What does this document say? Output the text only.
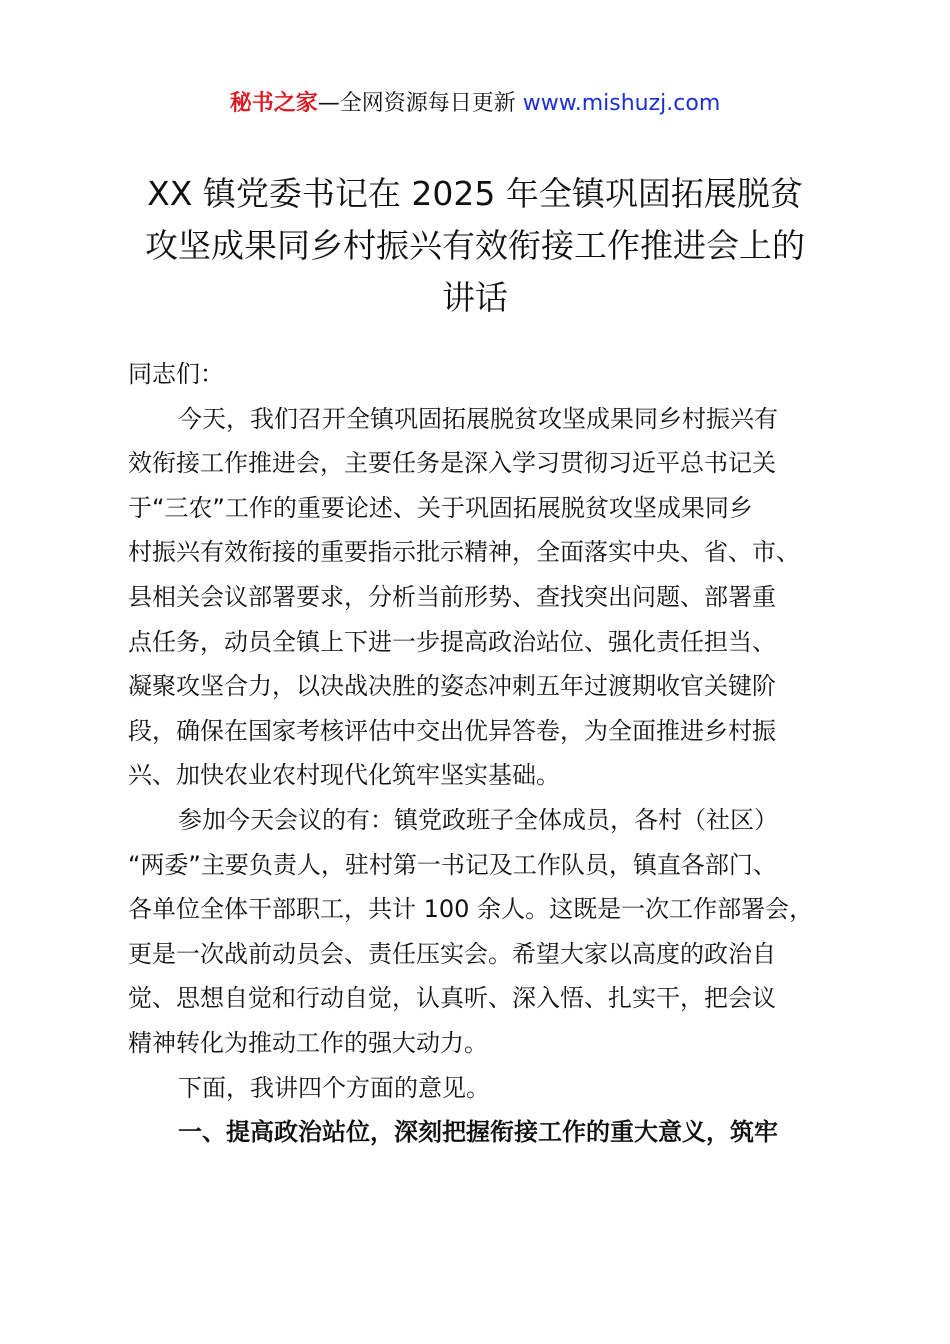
秘书之家—全网资源每日更新 www.mishuzj.com
XX 镇党委书记在 2025 年全镇巩固拓展脱贫
攻坚成果同乡村振兴有效衔接工作推进会上的
讲话
同志们：
今天，我们召开全镇巩固拓展脱贫攻坚成果同乡村振兴有
效衔接工作推进会，主要任务是深入学习贯彻习近平总书记关
于“三农”工作的重要论述、关于巩固拓展脱贫攻坚成果同乡
村振兴有效衔接的重要指示批示精神，全面落实中央、省、市、
县相关会议部署要求，分析当前形势、查找突出问题、部署重
点任务，动员全镇上下进一步提高政治站位、强化责任担当、
凝聚攻坚合力，以决战决胜的姿态冲刺五年过渡期收官关键阶
段，确保在国家考核评估中交出优异答卷，为全面推进乡村振
兴、加快农业农村现代化筑牢坚实基础。
参加今天会议的有：镇党政班子全体成员，各村（社区）
“两委”主要负责人，驻村第一书记及工作队员，镇直各部门、
各单位全体干部职工，共计 100 余人。这既是一次工作部署会，
更是一次战前动员会、责任压实会。希望大家以高度的政治自
觉、思想自觉和行动自觉，认真听、深入悟、扎实干，把会议
精神转化为推动工作的强大动力。
下面，我讲四个方面的意见。
一、提高政治站位，深刻把握衔接工作的重大意义，筑牢
